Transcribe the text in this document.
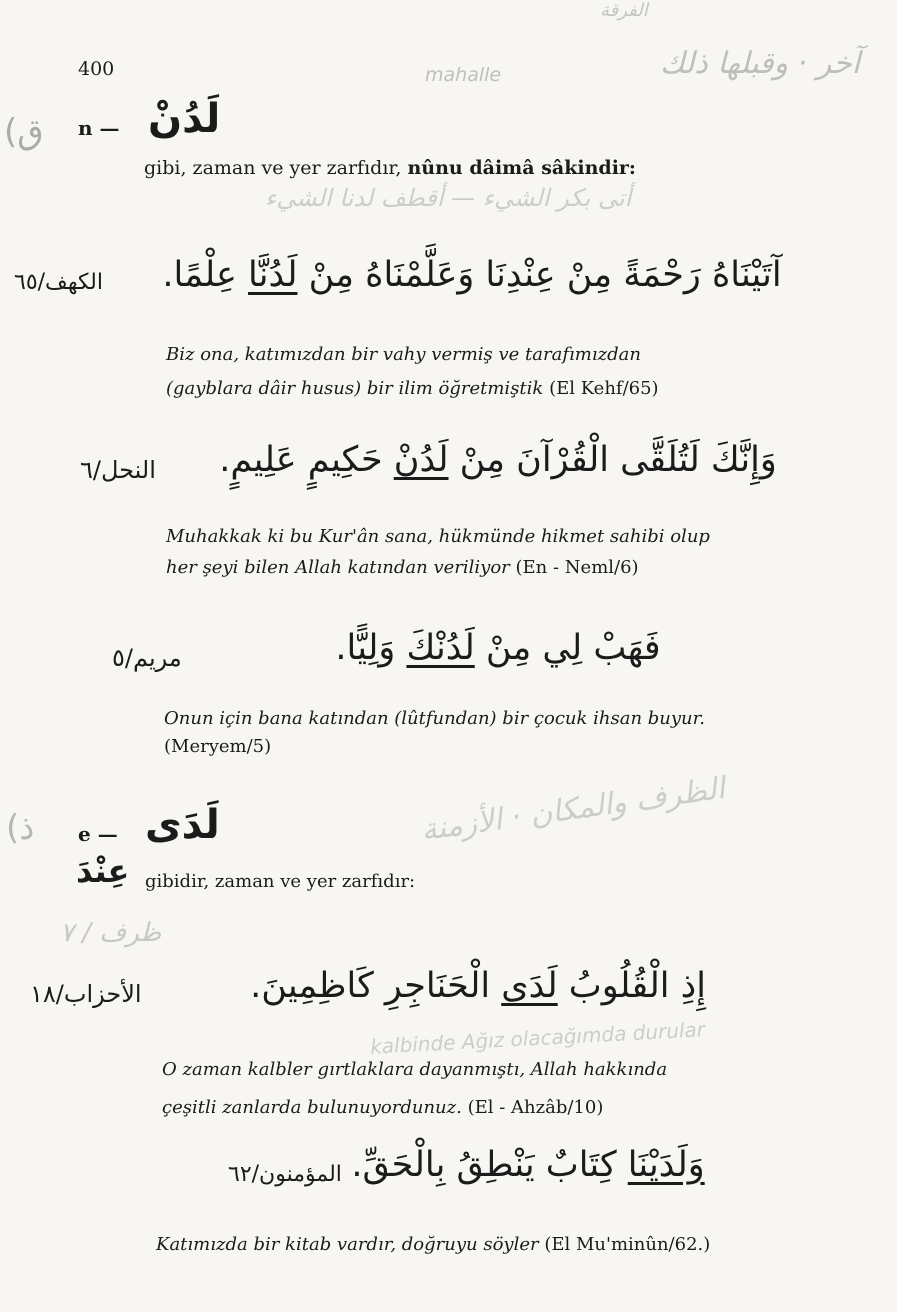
الفرقة
آخر · وقبلها ذلك
mahalle
أتى بكر الشيء — أقطف لدنا الشيء
الظرف والمكان · الأزمنة
ظرف / ٧
kalbinde Ağız olacağımda durular
(ق
(ذ
400
n — لَدُنْ
gibi, zaman ve yer zarfıdır, nûnu dâimâ sâkindir:
الكهف/٦٥	آتَيْنَاهُ رَحْمَةً مِنْ عِنْدِنَا وَعَلَّمْنَاهُ مِنْ لَدُنَّا عِلْمًا.
Biz ona, katımızdan bir vahy vermiş ve tarafımızdan
(gayblara dâir husus) bir ilim öğretmiştik (El Kehf/65)
النحل/٦	وَإِنَّكَ لَتُلَقَّى الْقُرْآنَ مِنْ لَدُنْ حَكِيمٍ عَلِيمٍ.
Muhakkak ki bu Kur'ân sana, hükmünde hikmet sahibi olup
her şeyi bilen Allah katından veriliyor (En - Neml/6)
مريم/٥	فَهَبْ لِي مِنْ لَدُنْكَ وَلِيًّا.
Onun için bana katından (lûtfundan) bir çocuk ihsan buyur.
(Meryem/5)
e — لَدَى
عِنْدَ gibidir, zaman ve yer zarfıdır:
الأحزاب/١٨	إِذِ الْقُلُوبُ لَدَى الْحَنَاجِرِ كَاظِمِينَ.
O zaman kalbler gırtlaklara dayanmıştı, Allah hakkında
çeşitli zanlarda bulunuyordunuz. (El - Ahzâb/10)
المؤمنون/٦٢	وَلَدَيْنَا كِتَابٌ يَنْطِقُ بِالْحَقِّ.
Katımızda bir kitab vardır, doğruyu söyler (El Mu'minûn/62.)
